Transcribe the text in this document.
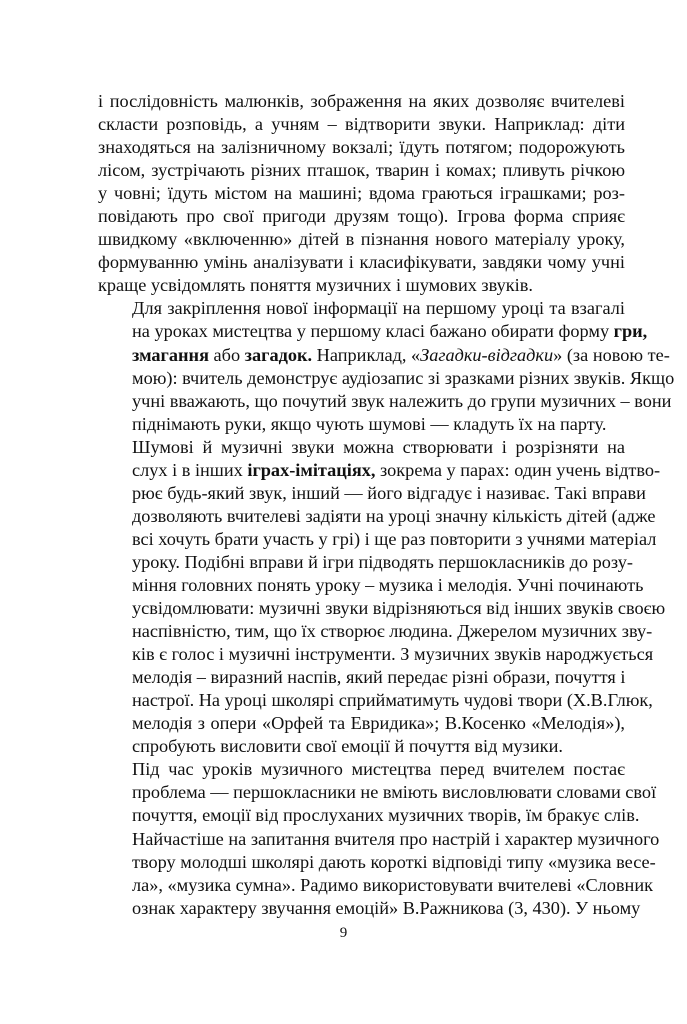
і послідовність малюнків, зображення на яких дозволяє вчителеві
скласти розповідь, а учням – відтворити звуки. Наприклад: діти
знаходяться на залізничному вокзалі; їдуть потягом; подорожують
лісом, зустрічають різних пташок, тварин і комах; пливуть річкою
у човні; їдуть містом на машині; вдома граються іграшками; роз-
повідають про свої пригоди друзям тощо). Ігрова форма сприяє
швидкому «включенню» дітей в пізнання нового матеріалу уроку,
формуванню умінь аналізувати і класифікувати, завдяки чому учні
краще усвідомлять поняття музичних і шумових звуків.

Для закріплення нової інформації на першому уроці та взагалі
на уроках мистецтва у першому класі бажано обирати форму гри,
змагання або загадок. Наприклад, «Загадки-відгадки» (за новою те-
мою): вчитель демонструє аудіозапис зі зразками різних звуків. Якщо
учні вважають, що почутий звук належить до групи музичних – вони
піднімають руки, якщо чують шумові — кладуть їх на парту.

Шумові й музичні звуки можна створювати і розрізняти на
слух і в інших іграх-імітаціях, зокрема у парах: один учень відтво-
рює будь-який звук, інший — його відгадує і називає. Такі вправи
дозволяють вчителеві задіяти на уроці значну кількість дітей (адже
всі хочуть брати участь у грі) і ще раз повторити з учнями матеріал
уроку. Подібні вправи й ігри підводять першокласників до розу-
міння головних понять уроку – музика і мелодія. Учні починають
усвідомлювати: музичні звуки відрізняються від інших звуків своєю
наспівністю, тим, що їх створює людина. Джерелом музичних зву-
ків є голос і музичні інструменти. З музичних звуків народжується
мелодія – виразний наспів, який передає різні образи, почуття і
настрої. На уроці школярі сприйматимуть чудові твори (Х.В.Глюк,
мелодія з опери «Орфей та Евридика»; В.Косенко «Мелодія»),
спробують висловити свої емоції й почуття від музики.

Під час уроків музичного мистецтва перед вчителем постає
проблема — першокласники не вміють висловлювати словами свої
почуття, емоції від прослуханих музичних творів, їм бракує слів.
Найчастіше на запитання вчителя про настрій і характер музичного
твору молодші школярі дають короткі відповіді типу «музика весе-
ла», «музика сумна». Радимо використовувати вчителеві «Словник
ознак характеру звучання емоцій» В.Ражникова (3, 430). У ньому

9
